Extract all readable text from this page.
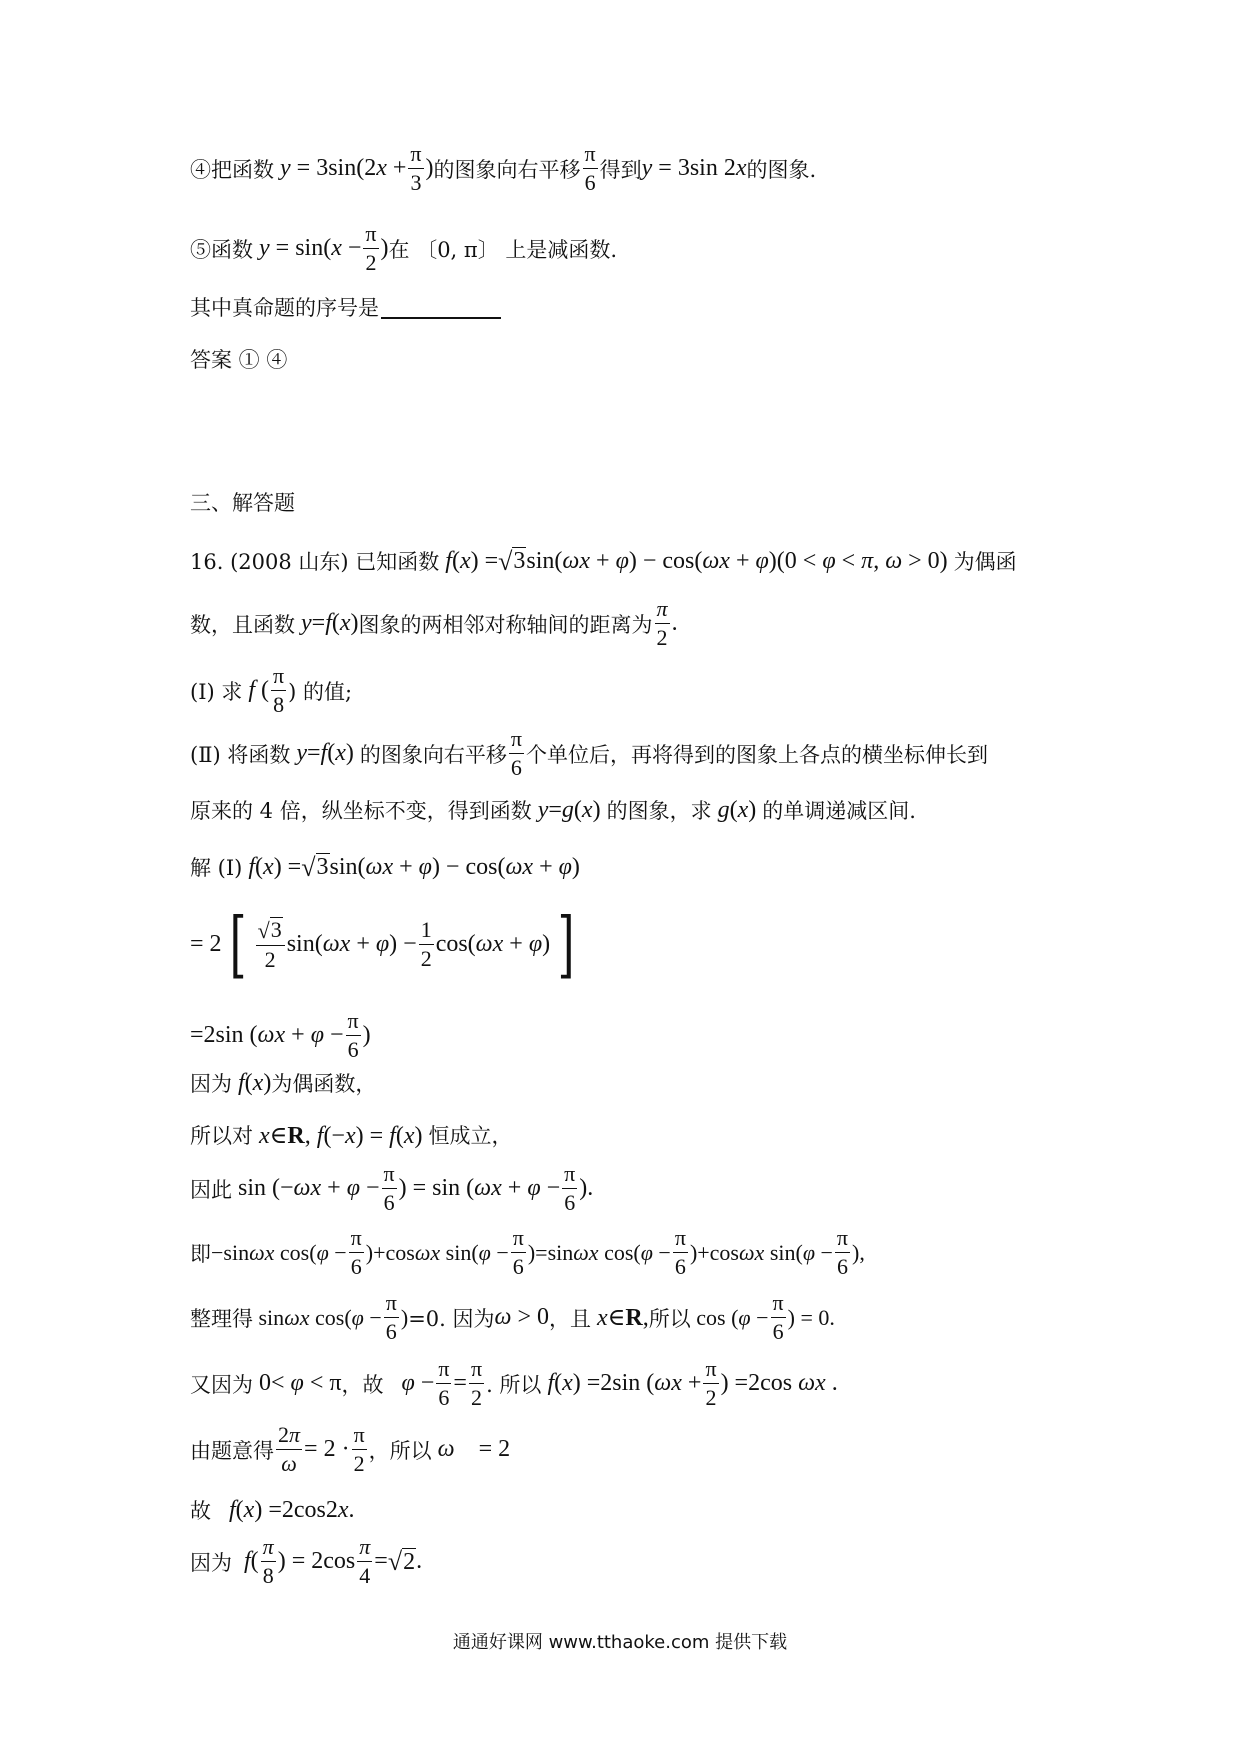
④把函数 $y = 3\sin(2x + \frac{\pi}{3}$ ) 的图象向右平移 $\frac{\pi}{6}$ 得到 y = 3sin 2x 的图象.
⑤函数 $y = \sin(x - \frac{\pi}{2}$ ) 在 〔0, π〕 上是减函数.
其中真命题的序号是
答案 ① ④
三、解答题
16. (2008 山东) 已知函数 f(x) = √ 3 sin(ωx + φ) − cos(ωx + φ)(0 < φ < π, ω > 0) 为偶函
数，且函数 y=f(x) 图象的两相邻对称轴间的距离为 $\frac{\pi}{2}$ .
(Ⅰ) 求 f ( $\frac{\pi}{8}$ ) 的值;
(Ⅱ) 将函数 y=f(x) 的图象向右平移 $\frac{\pi}{6}$ 个单位后，再将得到的图象上各点的横坐标伸长到
原来的 4 倍，纵坐标不变，得到函数 y=g(x) 的图象，求 g(x) 的单调递减区间.
解 (Ⅰ) f(x) = √ 3 sin(ωx + φ) − cos(ωx + φ)
= 2 [ $\frac{√ 3}{2} \sin(\omega x + \varphi) - \frac{1}{2} \cos(\omega x + \varphi)$ ]
=2sin ($\omega x + \varphi - \frac{\pi}{6}$ )
因为 f(x) 为偶函数，
所以对 x∈R, f(−x) = f(x) 恒成立，
因此 $\sin (-\omega x + \varphi - \frac{\pi}{6}$ ) = $\sin (\omega x + \varphi - \frac{\pi}{6}$ ).
即 −sinωx $\cos(\varphi - \frac{\pi}{6} )+\cos\omega x$ $\sin(\varphi - \frac{\pi}{6} )=\sin\omega x$ $\cos(\varphi - \frac{\pi}{6} )+\cos\omega x$ $\sin(\varphi - \frac{\pi}{6}$ ),
整理得 sinωx $\cos(\varphi - \frac{\pi}{6}$ ) =0. 因为 ω > 0 ，且 x∈R, 所以 $\cos (\varphi - \frac{\pi}{6}$ ) = 0.
又因为 0< φ < π ，故 $\varphi - \frac{\pi}{6} = \frac{\pi}{2}$ . 所以 f(x) =2sin ($\omega x + \frac{\pi}{2}$ ) =2cos ωx .
由题意得 $\frac{2\pi}{\omega} = 2 \cdot \frac{\pi}{2}$ ，所以 ω    = 2
故 f(x) =2cos2x.
因为 $f( \frac{\pi}{8}$ ) = $2\cos \frac{\pi}{4}$ = √ 2 .
通通好课网 www.tthaoke.com 提供下载
